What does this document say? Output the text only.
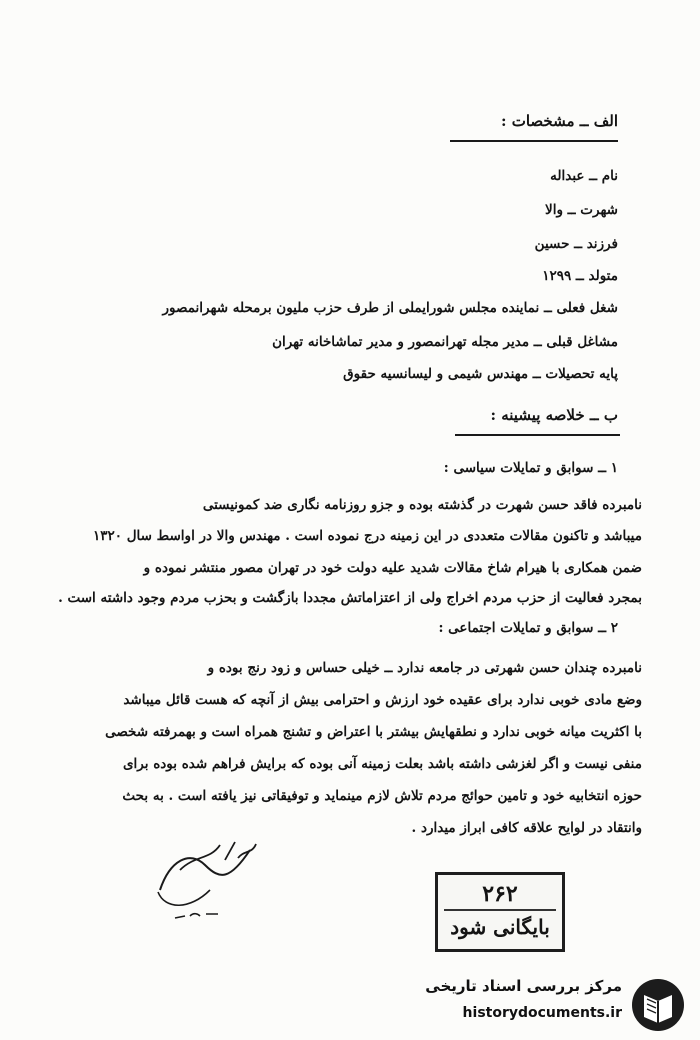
الف ــ مشخصات :
نام ــ عبداله
شهرت ــ والا
فرزند ــ حسین
متولد ــ ۱۲۹۹
شغل فعلی ــ نماینده مجلس شورایملی از طرف حزب ملیون برمحله شهرانمصور
مشاغل قبلی ــ مدیر مجله تهرانمصور و مدیر تماشاخانه تهران
پایه تحصیلات ــ مهندس شیمی و لیسانسیه حقوق
ب ــ خلاصه پیشینه :
۱ ــ سوابق و تمایلات سیاسی :
نامبرده فاقد حسن شهرت در گذشته بوده و جزو روزنامه نگاری ضد کمونیستی
میباشد و تاکنون مقالات متعددی در این زمینه درج نموده است . مهندس والا در اواسط سال ۱۳۲۰
ضمن همکاری با هیرام شاخ مقالات شدید علیه دولت خود در تهران مصور منتشر نموده و
بمجرد فعالیت از حزب مردم اخراج ولی از اعتزاماتش مجددا بازگشت و بحزب مردم وجود داشته است .
۲ ــ سوابق و تمایلات اجتماعی :
نامبرده چندان حسن شهرتی در جامعه ندارد ــ خیلی حساس و زود رنج بوده و
وضع مادی خوبی ندارد برای عقیده خود ارزش و احترامی بیش از آنچه که هست قائل میباشد
با اکثریت میانه خوبی ندارد و نطقهایش بیشتر با اعتراض و تشنج همراه است و بهمرفته شخصی
منفی نیست و اگر لغزشی داشته باشد بعلت زمینه آنی بوده که برایش فراهم شده بوده برای
حوزه انتخابیه خود و تامین حوائج مردم تلاش لازم مینماید و توفیقاتی نیز یافته است . به بحث
وانتقاد در لوایح علاقه کافی ابراز میدارد .
۲۶۲
بایگانی شود
مرکز بررسی اسناد تاریخی
historydocuments.ir
